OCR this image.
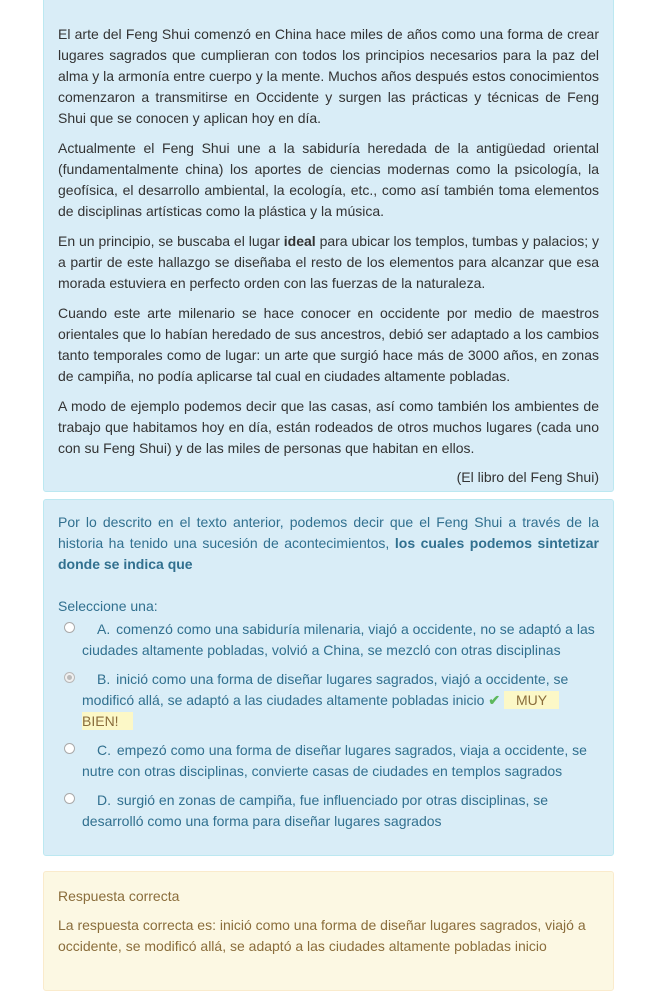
El arte del Feng Shui comenzó en China hace miles de años como una forma de crear lugares sagrados que cumplieran con todos los principios necesarios para la paz del alma y la armonía entre cuerpo y la mente. Muchos años después estos conocimientos comenzaron a transmitirse en Occidente y surgen las prácticas y técnicas de Feng Shui que se conocen y aplican hoy en día.

Actualmente el Feng Shui une a la sabiduría heredada de la antigüedad oriental (fundamentalmente china) los aportes de ciencias modernas como la psicología, la geofísica, el desarrollo ambiental, la ecología, etc., como así también toma elementos de disciplinas artísticas como la plástica y la música.

En un principio, se buscaba el lugar ideal para ubicar los templos, tumbas y palacios; y a partir de este hallazgo se diseñaba el resto de los elementos para alcanzar que esa morada estuviera en perfecto orden con las fuerzas de la naturaleza.

Cuando este arte milenario se hace conocer en occidente por medio de maestros orientales que lo habían heredado de sus ancestros, debió ser adaptado a los cambios tanto temporales como de lugar: un arte que surgió hace más de 3000 años, en zonas de campiña, no podía aplicarse tal cual en ciudades altamente pobladas.

A modo de ejemplo podemos decir que las casas, así como también los ambientes de trabajo que habitamos hoy en día, están rodeados de otros muchos lugares (cada uno con su Feng Shui) y de las miles de personas que habitan en ellos.

(El libro del Feng Shui)

Por lo descrito en el texto anterior, podemos decir que el Feng Shui a través de la historia ha tenido una sucesión de acontecimientos, los cuales podemos sintetizar donde se indica que

Seleccione una:
A. comenzó como una sabiduría milenaria, viajó a occidente, no se adaptó a las ciudades altamente pobladas, volvió a China, se mezcló con otras disciplinas
B. inició como una forma de diseñar lugares sagrados, viajó a occidente, se modificó allá, se adaptó a las ciudades altamente pobladas inicio ✔ MUY
BIEN!
C. empezó como una forma de diseñar lugares sagrados, viaja a occidente, se nutre con otras disciplinas, convierte casas de ciudades en templos sagrados
D. surgió en zonas de campiña, fue influenciado por otras disciplinas, se desarrolló como una forma para diseñar lugares sagrados
Respuesta correcta
La respuesta correcta es: inició como una forma de diseñar lugares sagrados, viajó a occidente, se modificó allá, se adaptó a las ciudades altamente pobladas inicio
